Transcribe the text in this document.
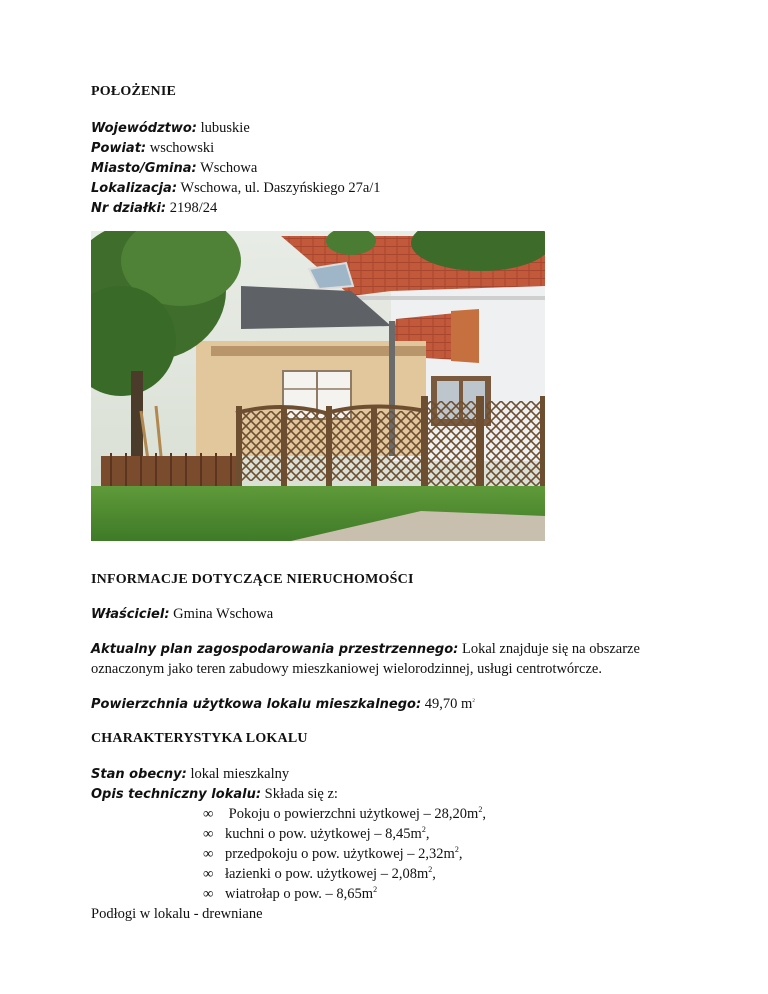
POŁOŻENIE
Województwo: lubuskie
Powiat: wschowski
Miasto/Gmina: Wschowa
Lokalizacja: Wschowa, ul. Daszyńskiego 27a/1
Nr działki: 2198/24
INFORMACJE DOTYCZĄCE NIERUCHOMOŚCI
Właściciel: Gmina Wschowa
Aktualny plan zagospodarowania przestrzennego: Lokal znajduje się na obszarze
oznaczonym jako teren zabudowy mieszkaniowej wielorodzinnej, usługi centrotwórcze.
Powierzchnia użytkowa lokalu mieszkalnego: 49,70 $m^2$
CHARAKTERYSTYKA LOKALU
Stan obecny: lokal mieszkalny
Opis techniczny lokalu: Składa się z:
∞ Pokoju o powierzchni użytkowej – $28,20m^2$,
∞ kuchni o pow. użytkowej – $8,45m^2$,
∞ przedpokoju o pow. użytkowej – $2,32m^2$,
∞ łazienki o pow. użytkowej – $2,08m^2$,
∞ wiatrołap o pow. – $8,65m^2$
Podłogi w lokalu - drewniane
